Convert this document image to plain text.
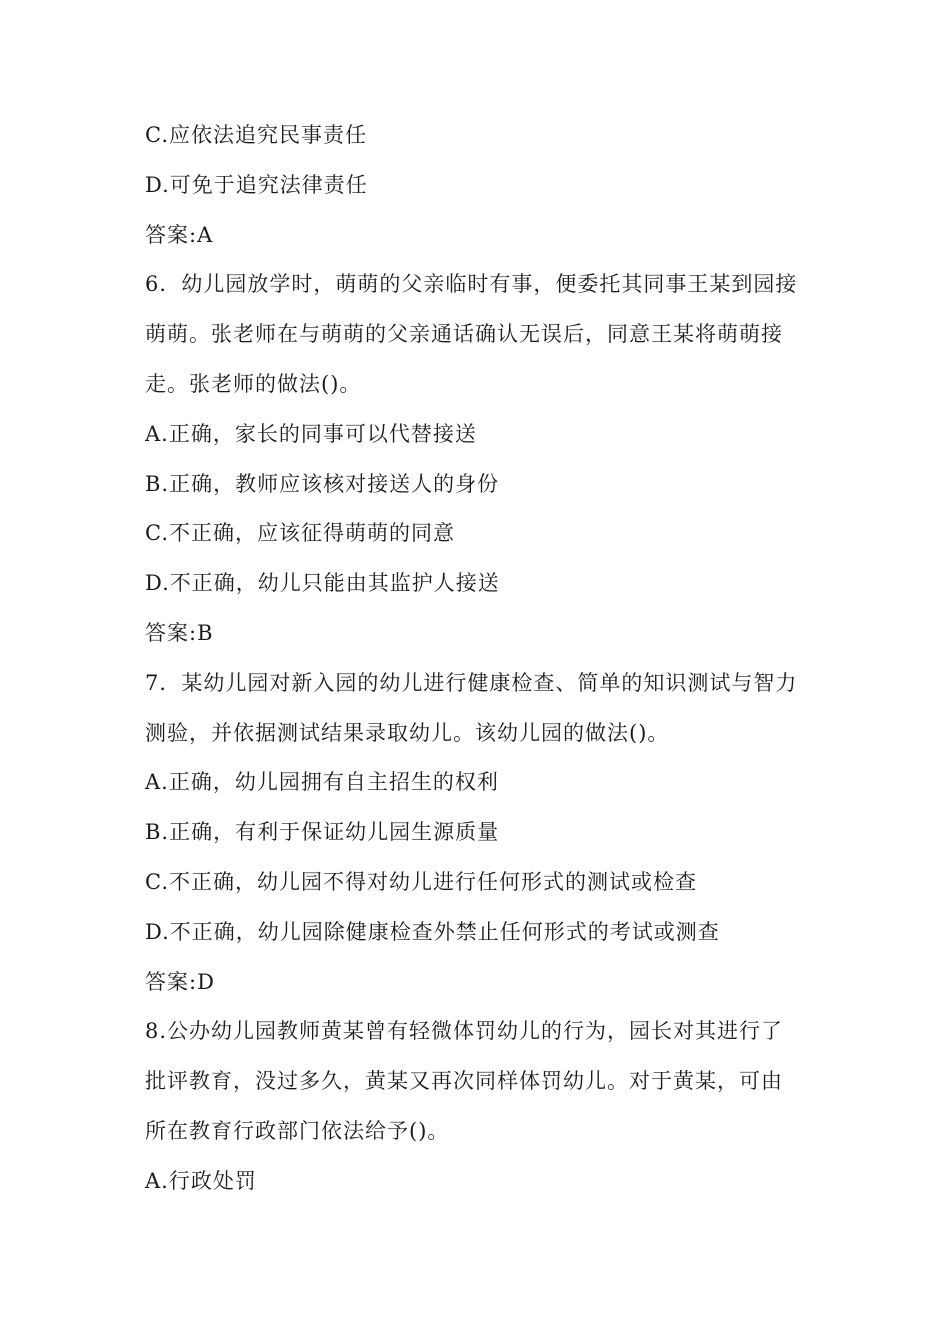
C.应依法追究民事责任

D.可免于追究法律责任

答案:A

6．幼儿园放学时，萌萌的父亲临时有事，便委托其同事王某到园接

萌萌。张老师在与萌萌的父亲通话确认无误后，同意王某将萌萌接

走。张老师的做法()。

A.正确，家长的同事可以代替接送

B.正确，教师应该核对接送人的身份

C.不正确，应该征得萌萌的同意

D.不正确，幼儿只能由其监护人接送

答案:B

7．某幼儿园对新入园的幼儿进行健康检查、简单的知识测试与智力

测验，并依据测试结果录取幼儿。该幼儿园的做法()。

A.正确，幼儿园拥有自主招生的权利

B.正确，有利于保证幼儿园生源质量

C.不正确，幼儿园不得对幼儿进行任何形式的测试或检查

D.不正确，幼儿园除健康检查外禁止任何形式的考试或测查

答案:D

8.公办幼儿园教师黄某曾有轻微体罚幼儿的行为，园长对其进行了

批评教育，没过多久，黄某又再次同样体罚幼儿。对于黄某，可由

所在教育行政部门依法给予()。

A.行政处罚
